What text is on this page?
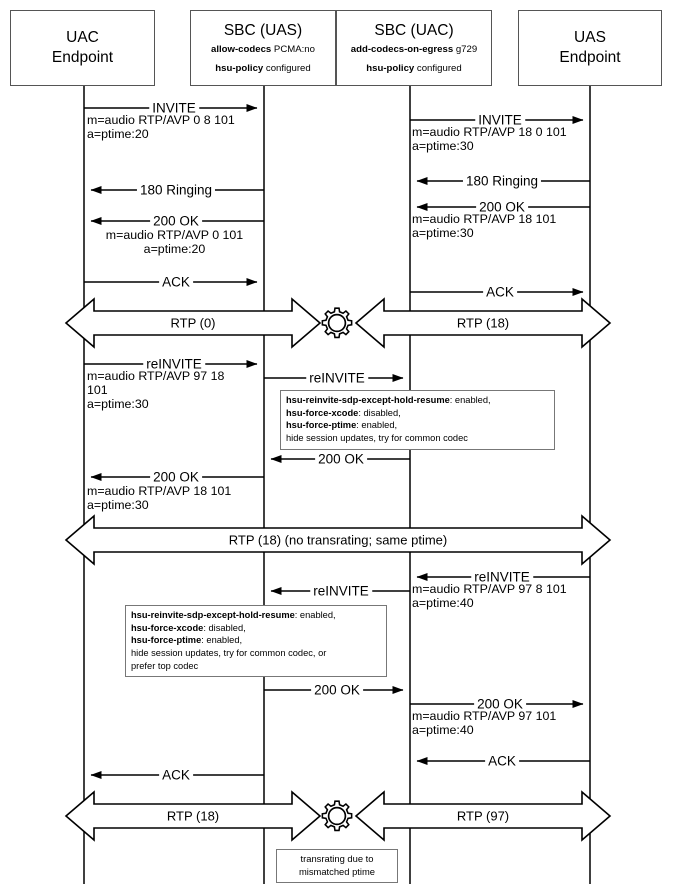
UAC
Endpoint
SBC (UAS)
allow-codecs PCMA:no
hsu-policy configured
SBC (UAC)
add-codecs-on-egress g729
hsu-policy configured
UAS
Endpoint
INVITE
m=audio RTP/AVP 0 8 101
a=ptime:20
INVITE
m=audio RTP/AVP 18 0 101
a=ptime:30
180 Ringing
180 Ringing
200 OK
m=audio RTP/AVP 18 101
a=ptime:30
200 OK
m=audio RTP/AVP 0 101
a=ptime:20
ACK
ACK
reINVITE
m=audio RTP/AVP 97 18
101
a=ptime:30
reINVITE
200 OK
200 OK
m=audio RTP/AVP 18 101
a=ptime:30
reINVITE
m=audio RTP/AVP 97 8 101
a=ptime:40
reINVITE
200 OK
200 OK
m=audio RTP/AVP 97 101
a=ptime:40
ACK
ACK
RTP (0)	RTP (18)
RTP (18) (no transrating; same ptime)
RTP (18)	RTP (97)
hsu-reinvite-sdp-except-hold-resume: enabled,
hsu-force-xcode: disabled,
hsu-force-ptime: enabled,
hide session updates, try for common codec
hsu-reinvite-sdp-except-hold-resume: enabled,
hsu-force-xcode: disabled,
hsu-force-ptime: enabled,
hide session updates, try for common codec, or
prefer top codec
transrating due to
mismatched ptime
